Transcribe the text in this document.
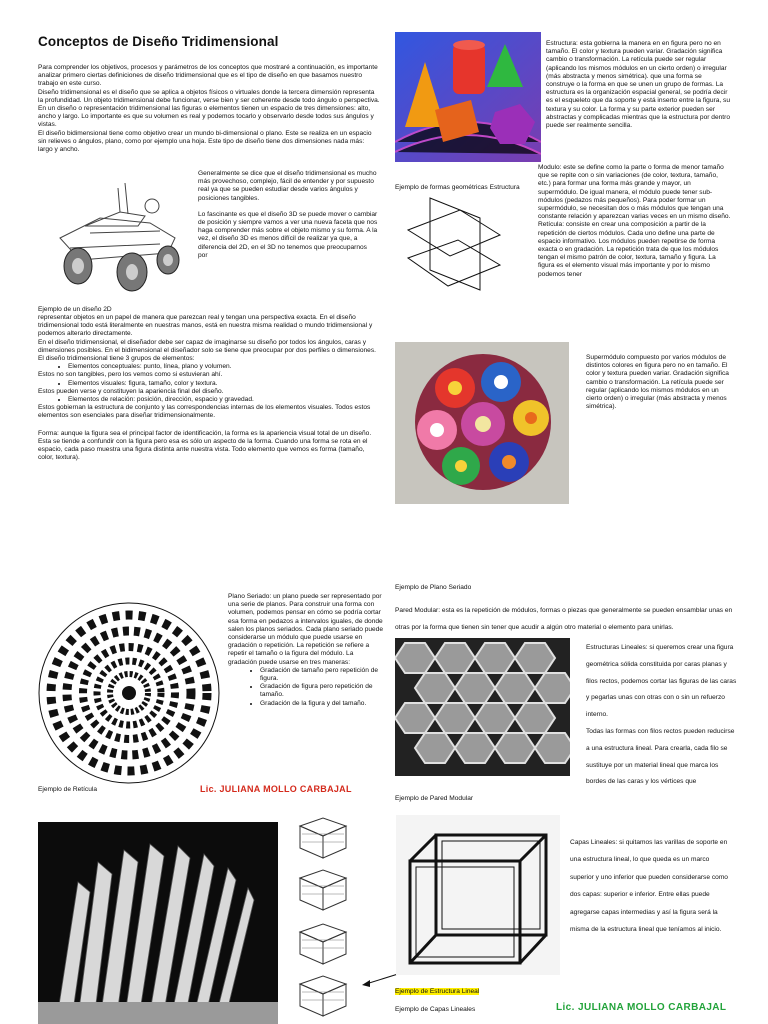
Conceptos de Diseño Tridimensional

Para comprender los objetivos, procesos y parámetros de los conceptos que mostraré a continuación, es importante analizar primero ciertas definiciones de diseño tridimensional que es el tipo de diseño en que basamos nuestro trabajo en este curso.

Diseño tridimensional es el diseño que se aplica a objetos físicos o virtuales donde la tercera dimensión representa la profundidad. Un objeto tridimensional debe funcionar, verse bien y ser coherente desde todo ángulo o perspectiva. En un diseño o representación tridimensional las figuras o elementos tienen un espacio de tres dimensiones: alto, ancho y largo. Lo importante es que su volumen es real y podemos tocarlo y observarlo desde todos sus ángulos y vistas.

El diseño bidimensional tiene como objetivo crear un mundo bi-dimensional o plano. Este se realiza en un espacio sin relieves o ángulos, plano, como por ejemplo una hoja. Este tipo de diseño tiene dos dimensiones nada más: largo y ancho.

Generalmente se dice que el diseño tridimensional es mucho más provechoso, complejo, fácil de entender y por supuesto real ya que se pueden estudiar desde varios ángulos y posiciones tangibles.

Lo fascinante es que el diseño 3D se puede mover o cambiar de posición y siempre vamos a ver una nueva faceta que nos haga comprender más sobre el objeto mismo y su forma. A la vez, el diseño 3D es menos difícil de realizar ya que, a diferencia del 2D, en el 3D no tenemos que preocuparnos por

Ejemplo de un diseño 2D

representar objetos en un papel de manera que parezcan real y tengan una perspectiva exacta. En el diseño tridimensional todo está literalmente en nuestras manos, está en nuestra misma realidad o mundo tridimensional y podemos alterarlo directamente.

En el diseño tridimensional, el diseñador debe ser capaz de imaginarse su diseño por todos los ángulos, caras y dimensiones posibles. En el bidimensional el diseñador solo se tiene que preocupar por dos perfiles o dimensiones.

El diseño tridimensional tiene 3 grupos de elementos:

• Elementos conceptuales: punto, línea, plano y volumen.

Estos no son tangibles, pero los vemos como si estuvieran ahí.

• Elementos visuales: figura, tamaño, color y textura.

Estos pueden verse y constituyen la apariencia final del diseño.

• Elementos de relación: posición, dirección, espacio y gravedad.

Estos gobiernan la estructura de conjunto y las correspondencias internas de los elementos visuales. Todos estos elementos son esenciales para diseñar tridimensionalmente.

Forma: aunque la figura sea el principal factor de identificación, la forma es la apariencia visual total de un diseño. Esta se tiende a confundir con la figura pero esa es sólo un aspecto de la forma. Cuando una forma se rota en el espacio, cada paso muestra una figura distinta ante nuestra vista. Todo elemento que vemos es forma (tamaño, color, textura).

Estructura: esta gobierna la manera en en figura pero no en tamaño. El color y textura pueden variar. Gradación significa cambio o transformación. La retícula puede ser regular (aplicando los mismos módulos en un cierto orden) o irregular (más abstracta y menos simétrica). que una forma se construye o la forma en que se unen un grupo de formas. La estructura es la organización espacial general, se podría decir es el esqueleto que da soporte y está inserto entre la figura, su textura y su color. La forma y su parte exterior pueden ser abstractas y complicadas mientras que la estructura por dentro puede ser realmente sencilla.
Ejemplo de formas geométricas Estructura

Modulo: este se define como la parte o forma de menor tamaño que se repite con o sin variaciones (de color, textura, tamaño, etc.) para formar una forma más grande y mayor, un supermódulo. De igual manera, el módulo puede tener sub-módulos (pedazos más pequeños). Para poder formar un supermódulo, se necesitan dos o más módulos que tengan una constante relación y aparezcan varias veces en un mismo diseño.

Retícula: consiste en crear una composición a partir de la repetición de ciertos módulos. Cada uno define una parte de espacio informativo. Los módulos pueden repetirse de forma exacta o en gradación. La repetición trata de que los módulos tengan el mismo patrón de color, textura, tamaño y figura. La figura es el elemento visual más importante y por lo mismo podemos tener

Supermódulo compuesto por varios módulos de distintos colores en figura pero no en tamaño. El color y textura pueden variar. Gradación significa cambio o transformación. La retícula puede ser regular (aplicando los mismos módulos en un cierto orden) o irregular (más abstracta y menos simétrica).

Plano Seriado: un plano puede ser representado por una serie de planos. Para construir una forma con volumen, podemos pensar en cómo se podría cortar esa forma en pedazos a intervalos iguales, de donde salen los planos seriados. Cada plano seriado puede considerarse un módulo que puede usarse en gradación o repetición. La repetición se refiere a repetir el tamaño o la figura del módulo. La gradación puede usarse en tres maneras:

• Gradación de tamaño pero repetición de figura.
• Gradación de figura pero repetición de tamaño.
• Gradación de la figura y del tamaño.
Ejemplo de Retícula	Lic. JULIANA MOLLO CARBAJAL
Ejemplo de Plano Seriado
Pared Modular: esta es la repetición de módulos, formas o piezas que generalmente se pueden ensamblar unas en otras por la forma que tienen sin tener que acudir a algún otro material o elemento para unirlas.

Estructuras Lineales: si queremos crear una figura geométrica sólida constituida por caras planas y filos rectos, podemos cortar las figuras de las caras y pegarlas unas con otras con o sin un refuerzo interno.

Todas las formas con filos rectos pueden reducirse a una estructura lineal. Para crearla, cada filo se sustituye por un material lineal que marca los bordes de las caras y los vértices que

Ejemplo de Pared Modular
Capas Lineales: si quitamos las varillas de soporte en una estructura lineal, lo que queda es un marco superior y uno inferior que pueden considerarse como dos capas: superior e inferior. Entre ellas puede agregarse capas intermedias y así la figura será la misma de la estructura lineal que teníamos al inicio.
Ejemplo de Estructura Lineal
Ejemplo de Capas Lineales	Lic. JULIANA MOLLO CARBAJAL
